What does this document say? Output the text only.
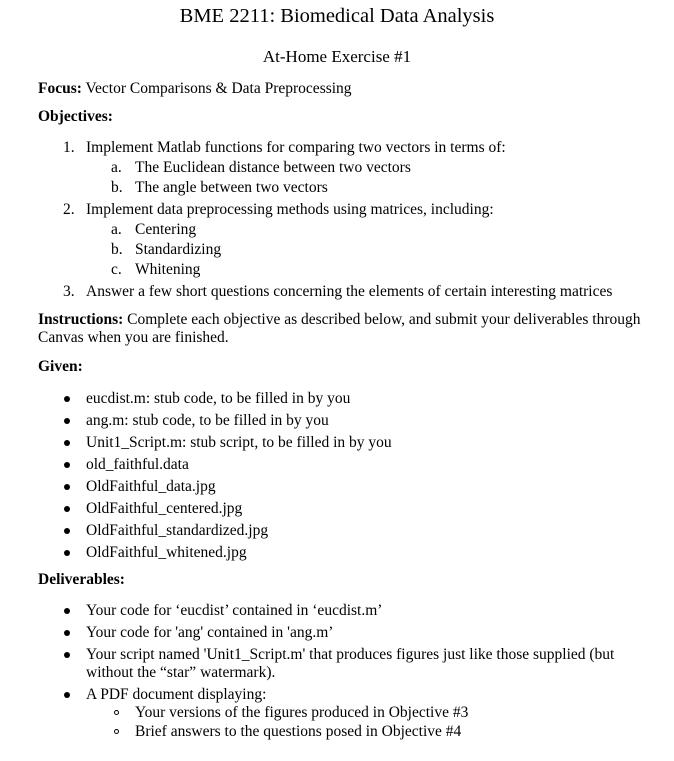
BME 2211: Biomedical Data Analysis
At-Home Exercise #1
Focus: Vector Comparisons & Data Preprocessing
Objectives:
1. Implement Matlab functions for comparing two vectors in terms of:
a. The Euclidean distance between two vectors
b. The angle between two vectors
2. Implement data preprocessing methods using matrices, including:
a. Centering
b. Standardizing
c. Whitening
3. Answer a few short questions concerning the elements of certain interesting matrices
Instructions: Complete each objective as described below, and submit your deliverables through
Canvas when you are finished.
Given:
eucdist.m: stub code, to be filled in by you
ang.m: stub code, to be filled in by you
Unit1_Script.m: stub script, to be filled in by you
old_faithful.data
OldFaithful_data.jpg
OldFaithful_centered.jpg
OldFaithful_standardized.jpg
OldFaithful_whitened.jpg
Deliverables:
Your code for ‘eucdist’ contained in ‘eucdist.m’
Your code for 'ang' contained in 'ang.m’
Your script named 'Unit1_Script.m' that produces figures just like those supplied (but
without the “star” watermark).
A PDF document displaying:
Your versions of the figures produced in Objective #3
Brief answers to the questions posed in Objective #4
